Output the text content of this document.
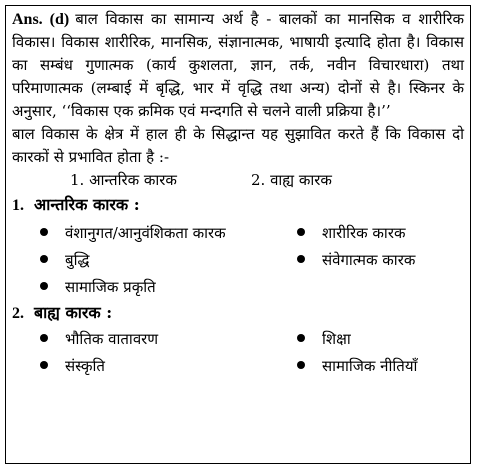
Ans. (d) बाल विकास का सामान्य अर्थ है - बालकों का मानसिक व शारीरिक विकास। विकास शारीरिक, मानसिक, संज्ञानात्मक, भाषायी इत्यादि होता है। विकास का सम्बंध गुणात्मक (कार्य कुशलता, ज्ञान, तर्क, नवीन विचारधारा) तथा परिमाणात्मक (लम्बाई में बृद्धि, भार में वृद्धि तथा अन्य) दोनों से है। स्किनर के अनुसार, ‘‘विकास एक क्रमिक एवं मन्दगति से चलने वाली प्रक्रिया है।’’

बाल विकास के क्षेत्र में हाल ही के सिद्धान्त यह सुझावित करते हैं कि विकास दो कारकों से प्रभावित होता है :-

1. आन्तरिक कारक	2. वाह्य कारक

1. आन्तरिक कारक :

वंशानुगत/आनुवंशिकता कारक	शारीरिक कारक
बुद्धि	संवेगात्मक कारक
सामाजिक प्रकृति

2. बाह्य कारक :

भौतिक वातावरण	शिक्षा
संस्कृति	सामाजिक नीतियाँ
